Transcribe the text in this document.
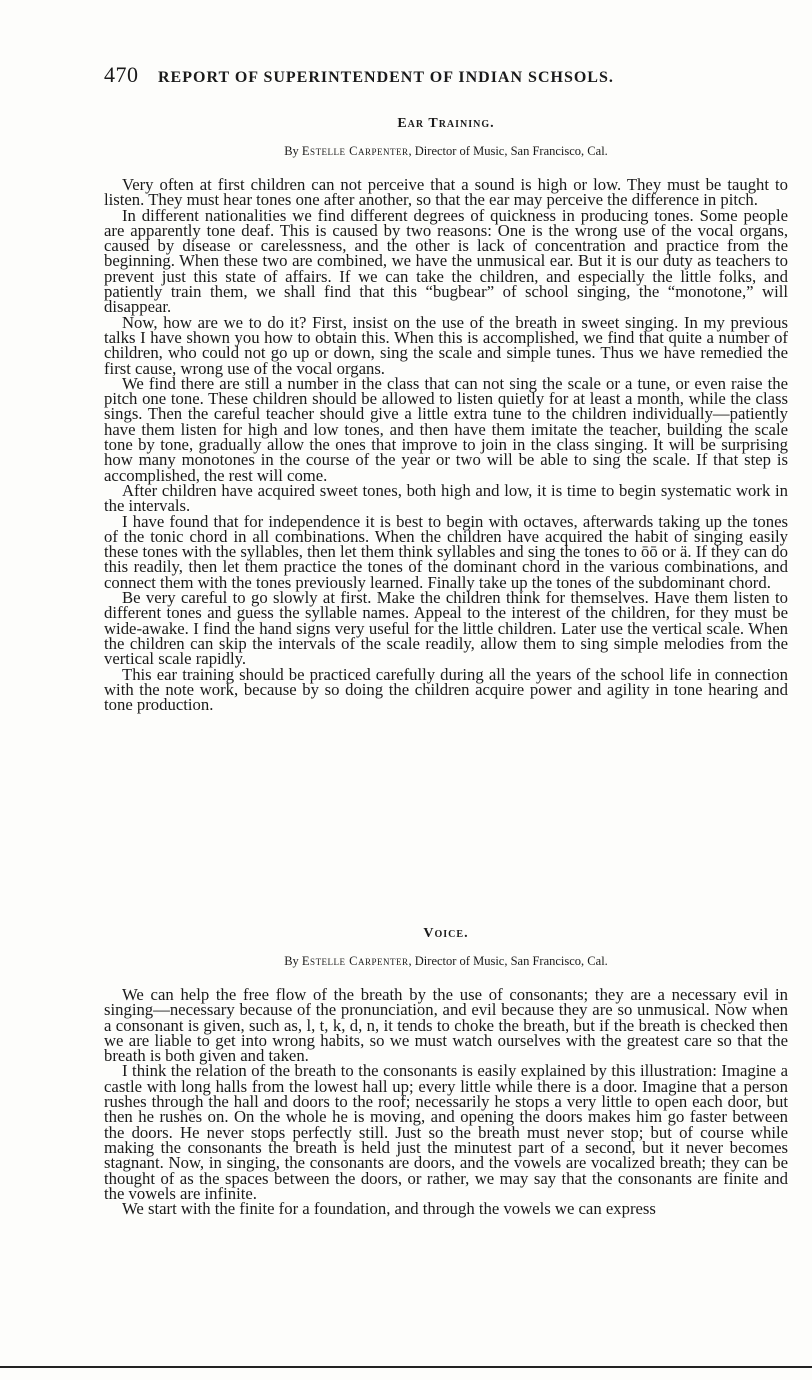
470 REPORT OF SUPERINTENDENT OF INDIAN SCHSOLS.
Ear Training.
By Estelle Carpenter, Director of Music, San Francisco, Cal.

Very often at first children can not perceive that a sound is high or low. They must be taught to listen. They must hear tones one after another, so that the ear may perceive the difference in pitch.

In different nationalities we find different degrees of quickness in producing tones. Some people are apparently tone deaf. This is caused by two reasons: One is the wrong use of the vocal organs, caused by disease or carelessness, and the other is lack of concentration and practice from the beginning. When these two are combined, we have the unmusical ear. But it is our duty as teachers to prevent just this state of affairs. If we can take the children, and especially the little folks, and patiently train them, we shall find that this “bugbear” of school singing, the “monotone,” will disappear.

Now, how are we to do it? First, insist on the use of the breath in sweet singing. In my previous talks I have shown you how to obtain this. When this is accomplished, we find that quite a number of children, who could not go up or down, sing the scale and simple tunes. Thus we have remedied the first cause, wrong use of the vocal organs.

We find there are still a number in the class that can not sing the scale or a tune, or even raise the pitch one tone. These children should be allowed to listen quietly for at least a month, while the class sings. Then the careful teacher should give a little extra tune to the children individually—patiently have them listen for high and low tones, and then have them imitate the teacher, building the scale tone by tone, gradually allow the ones that improve to join in the class singing. It will be surprising how many monotones in the course of the year or two will be able to sing the scale. If that step is accomplished, the rest will come.

After children have acquired sweet tones, both high and low, it is time to begin systematic work in the intervals.

I have found that for independence it is best to begin with octaves, afterwards taking up the tones of the tonic chord in all combinations. When the children have acquired the habit of singing easily these tones with the syllables, then let them think syllables and sing the tones to ōō or ä. If they can do this readily, then let them practice the tones of the dominant chord in the various combinations, and connect them with the tones previously learned. Finally take up the tones of the subdominant chord.

Be very careful to go slowly at first. Make the children think for themselves. Have them listen to different tones and guess the syllable names. Appeal to the interest of the children, for they must be wide-awake. I find the hand signs very useful for the little children. Later use the vertical scale. When the children can skip the intervals of the scale readily, allow them to sing simple melodies from the vertical scale rapidly.

This ear training should be practiced carefully during all the years of the school life in connection with the note work, because by so doing the children acquire power and agility in tone hearing and tone production.

Voice.
By Estelle Carpenter, Director of Music, San Francisco, Cal.

We can help the free flow of the breath by the use of consonants; they are a necessary evil in singing—necessary because of the pronunciation, and evil because they are so unmusical. Now when a consonant is given, such as, l, t, k, d, n, it tends to choke the breath, but if the breath is checked then we are liable to get into wrong habits, so we must watch ourselves with the greatest care so that the breath is both given and taken.

I think the relation of the breath to the consonants is easily explained by this illustration: Imagine a castle with long halls from the lowest hall up; every little while there is a door. Imagine that a person rushes through the hall and doors to the roof; necessarily he stops a very little to open each door, but then he rushes on. On the whole he is moving, and opening the doors makes him go faster between the doors. He never stops perfectly still. Just so the breath must never stop; but of course while making the consonants the breath is held just the minutest part of a second, but it never becomes stagnant. Now, in singing, the consonants are doors, and the vowels are vocalized breath; they can be thought of as the spaces between the doors, or rather, we may say that the consonants are finite and the vowels are infinite.

We start with the finite for a foundation, and through the vowels we can express
